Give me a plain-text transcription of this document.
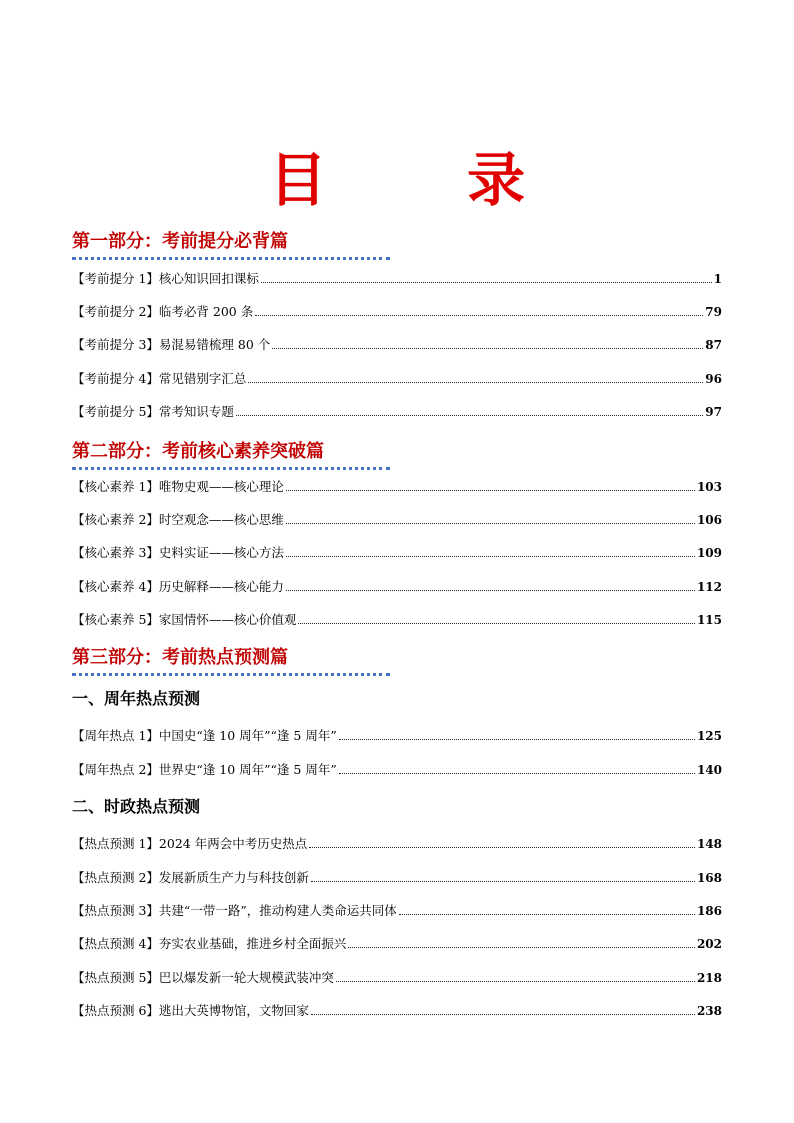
目 录
第一部分：考前提分必背篇
【考前提分 1】核心知识回扣课标	1
【考前提分 2】临考必背 200 条	79
【考前提分 3】易混易错梳理 80 个	87
【考前提分 4】常见错别字汇总	96
【考前提分 5】常考知识专题	97
第二部分：考前核心素养突破篇
【核心素养 1】唯物史观——核心理论	103
【核心素养 2】时空观念——核心思维	106
【核心素养 3】史料实证——核心方法	109
【核心素养 4】历史解释——核心能力	112
【核心素养 5】家国情怀——核心价值观	115
第三部分：考前热点预测篇
一、周年热点预测
【周年热点 1】中国史“逢 10 周年”“逢 5 周年”	125
【周年热点 2】世界史“逢 10 周年”“逢 5 周年”	140
二、时政热点预测
【热点预测 1】2024 年两会中考历史热点	148
【热点预测 2】发展新质生产力与科技创新	168
【热点预测 3】共建“一带一路”，推动构建人类命运共同体	186
【热点预测 4】夯实农业基础，推进乡村全面振兴	202
【热点预测 5】巴以爆发新一轮大规模武装冲突	218
【热点预测 6】逃出大英博物馆，文物回家	238
